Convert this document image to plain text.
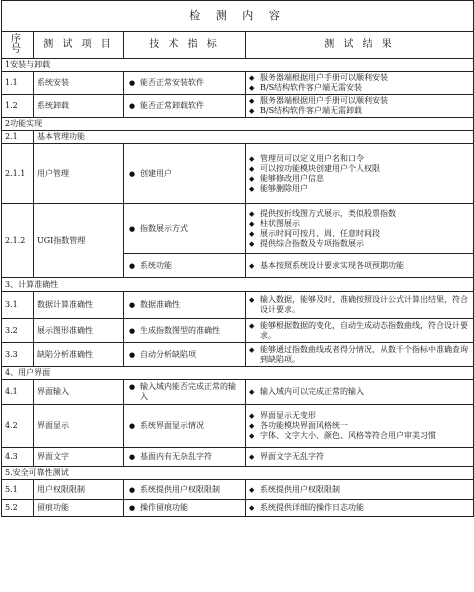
检 测 内 容			
序号	测 试 项 目	技 术 指 标	测 试 结 果
1安装与卸载			
1.1	系统安装	● 能否正常安装软件	◆ 服务器端根据用户手册可以顺利安装
◆ B/S结构软件客户端无需安装

1.2	系统卸载	● 能否正常卸载软件	◆ 服务器端根据用户手册可以顺利安装
◆ B/S结构软件客户端无需卸载

2功能实现			
2.1	基本管理功能		
2.1.1	用户管理	● 创建用户	◆ 管理员可以定义用户名和口令
◆ 可以按功能模块创建用户个人权限
◆ 能够修改用户信息
◆ 能够删除用户

2.1.2	UGI指数管理	● 指数展示方式	◆ 提供按折线图方式展示，类似股票指数
◆ 柱状图展示
◆ 展示时间可按月、周、任意时间段
◆ 提供综合指数及专项指数展示

		● 系统功能	◆ 基本按照系统设计要求实现各项预期功能

3、计算准确性			
3.1	数据计算准确性	● 数据准确性	◆ 输入数据，能够及时、准确按照设计公式计算出结果，符合设计要求。

3.2	展示图形准确性	● 生成指数图型的准确性	◆ 能够根据数据的变化，自动生成动态指数曲线，符合设计要求。

3.3	缺陷分析准确性	● 自动分析缺陷项	◆ 能够通过指数曲线或者得分情况，从数千个指标中准确查询到缺陷项。

4、用户界面			
4.1	界面输入	● 输入域内能否完成正常的输入	◆ 输入域内可以完成正常的输入

4.2	界面显示	● 系统界面显示情况	◆ 界面显示无变形
◆ 各功能模块界面风格统一
◆ 字体、文字大小、颜色、风格等符合用户审美习惯

4.3	界面文字	● 基面内有无杂乱字符	◆ 界面文字无乱字符

5.安全可靠性测试			
5.1	用户权限限制	● 系统提供用户权限限制	◆ 系统提供用户权限限制

5.2	留痕功能	● 操作留痕功能	◆ 系统提供详细的操作日志功能
